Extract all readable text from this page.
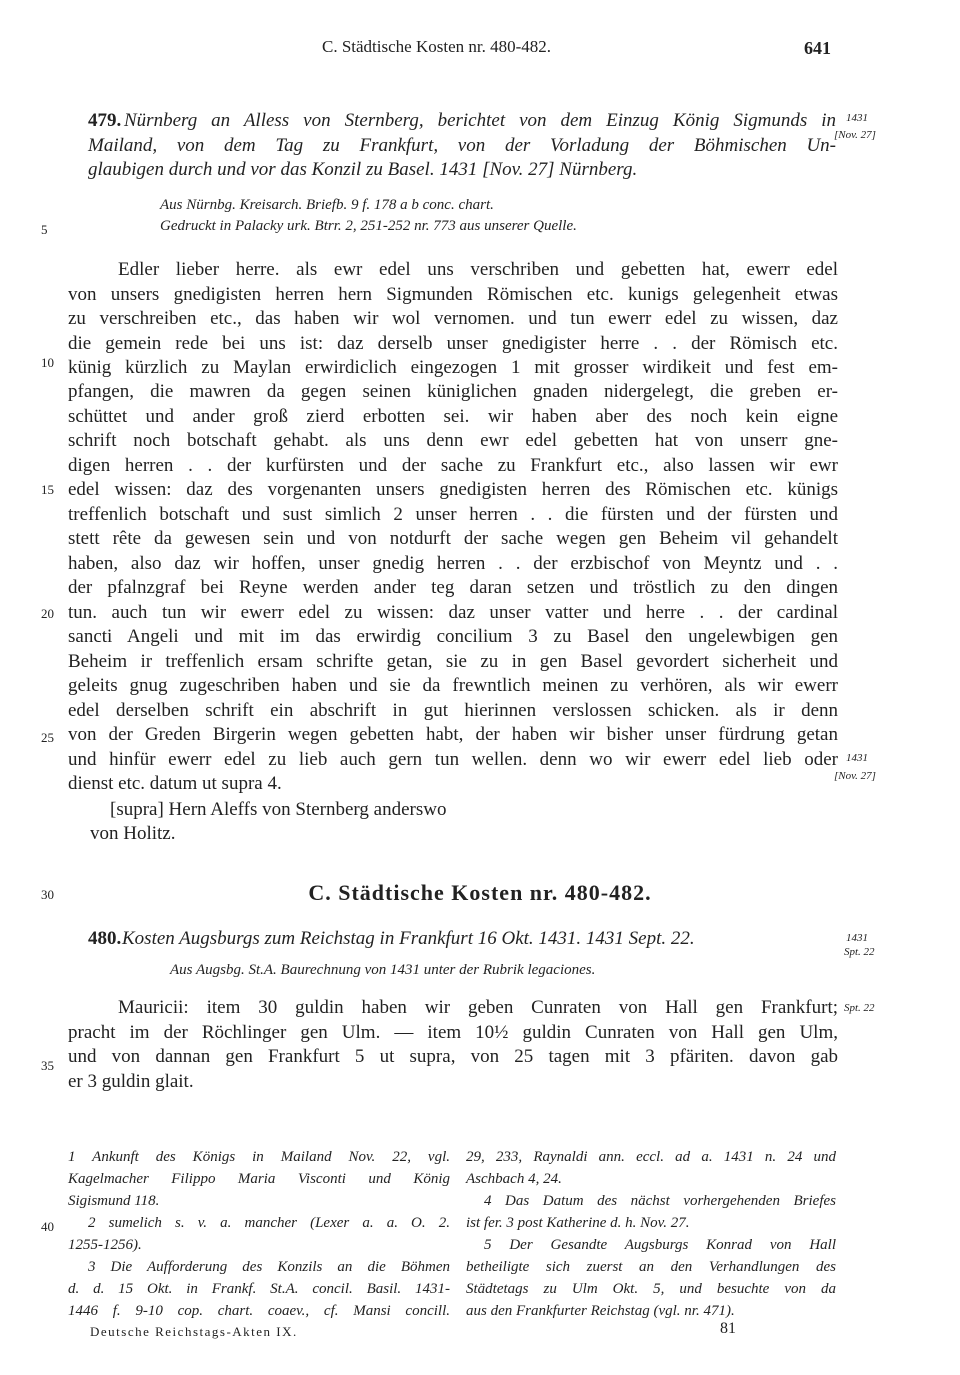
C. Städtische Kosten nr. 480-482.	641
479. Nürnberg an Alless von Sternberg, berichtet von dem Einzug König Sigmunds in
Mailand, von dem Tag zu Frankfurt, von der Vorladung der Böhmischen Un-
glaubigen durch und vor das Konzil zu Basel. 1431 [Nov. 27] Nürnberg.
1431
[Nov. 27]
Aus Nürnbg. Kreisarch. Briefb. 9 f. 178 a b conc. chart.
Gedruckt in Palacky urk. Btrr. 2, 251-252 nr. 773 aus unserer Quelle.
5
10
15
20
25
30
35
40
Edler lieber herre. als ewr edel uns verschriben und gebetten hat, ewerr edel
von unsers gnedigisten herren hern Sigmunden Römischen etc. kunigs gelegenheit etwas
zu verschreiben etc., das haben wir wol vernomen. und tun ewerr edel zu wissen, daz
die gemein rede bei uns ist: daz derselb unser gnedigister herre . . der Römisch etc.
künig kürzlich zu Maylan erwirdiclich eingezogen 1 mit grosser wirdikeit und fest em-
pfangen, die mawren da gegen seinen küniglichen gnaden nidergelegt, die greben er-
schüttet und ander groß zierd erbotten sei. wir haben aber des noch kein eigne
schrift noch botschaft gehabt. als uns denn ewr edel gebetten hat von unserr gne-
digen herren . . der kurfürsten und der sache zu Frankfurt etc., also lassen wir ewr
edel wissen: daz des vorgenanten unsers gnedigisten herren des Römischen etc. künigs
treffenlich botschaft und sust simlich 2 unser herren . . die fürsten und der fürsten und
stett rête da gewesen sein und von notdurft der sache wegen gen Beheim vil gehandelt
haben, also daz wir hoffen, unser gnedig herren . . der erzbischof von Meyntz und . .
der pfalnzgraf bei Reyne werden ander teg daran setzen und tröstlich zu den dingen
tun. auch tun wir ewerr edel zu wissen: daz unser vatter und herre . . der cardinal
sancti Angeli und mit im das erwirdig concilium 3 zu Basel den ungelewbigen gen
Beheim ir treffenlich ersam schrifte getan, sie zu in gen Basel gevordert sicherheit und
geleits gnug zugeschriben haben und sie da frewntlich meinen zu verhören, als wir ewerr
edel derselben schrift ein abschrift in gut hierinnen verslossen schicken. als ir denn
von der Greden Birgerin wegen gebetten habt, der haben wir bisher unser fürdrung getan
und hinfür ewerr edel zu lieb auch gern tun wellen. denn wo wir ewerr edel lieb oder
dienst etc. datum ut supra 4.
1431
[Nov. 27]
[supra] Hern Aleffs von Sternberg anderswo
von Holitz.
C. Städtische Kosten nr. 480-482.
480. Kosten Augsburgs zum Reichstag in Frankfurt 16 Okt. 1431. 1431 Sept. 22.	1431
Spt. 22
Aus Augsbg. St.A. Baurechnung von 1431 unter der Rubrik legaciones.
Mauricii: item 30 guldin haben wir geben Cunraten von Hall gen Frankfurt; Spt. 22
pracht im der Röchlinger gen Ulm. — item 10½ guldin Cunraten von Hall gen Ulm,
und von dannan gen Frankfurt 5 ut supra, von 25 tagen mit 3 pfäriten. davon gab
er 3 guldin glait.
1 Ankunft des Königs in Mailand Nov. 22, vgl.
Kagelmacher Filippo Maria Visconti und König
Sigismund 118.
2 sumelich s. v. a. mancher (Lexer a. a. O. 2.
1255-1256).
3 Die Aufforderung des Konzils an die Böhmen
d. d. 15 Okt. in Frankf. St.A. concil. Basil. 1431-
1446 f. 9-10 cop. chart. coaev., cf. Mansi concill.
29, 233, Raynaldi ann. eccl. ad a. 1431 n. 24 und
Aschbach 4, 24.
4 Das Datum des nächst vorhergehenden Briefes
ist fer. 3 post Katherine d. h. Nov. 27.
5 Der Gesandte Augsburgs Konrad von Hall
betheiligte sich zuerst an den Verhandlungen des
Städtetags zu Ulm Okt. 5, und besuchte von da
aus den Frankfurter Reichstag (vgl. nr. 471).
Deutsche Reichstags-Akten IX.	81
